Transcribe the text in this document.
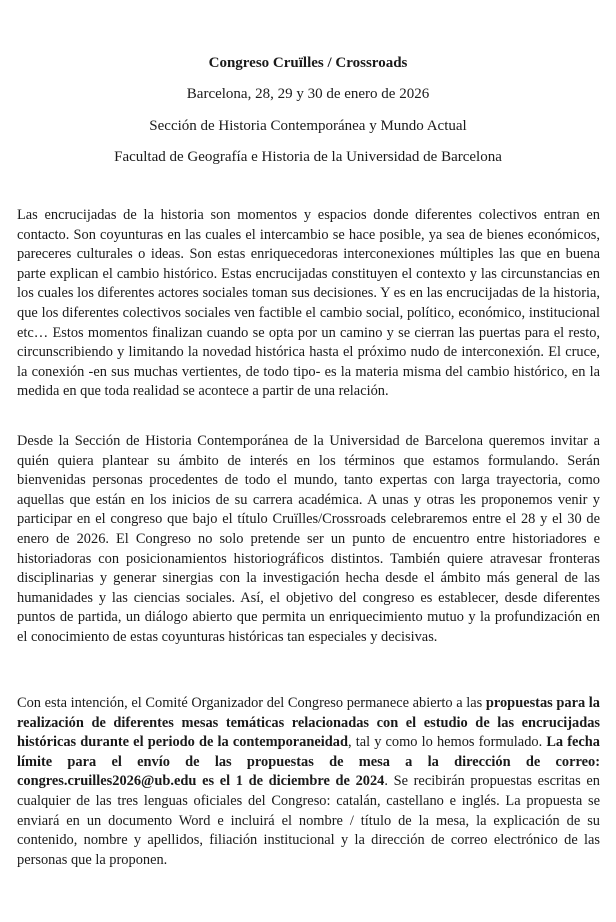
Congreso Cruïlles / Crossroads
Barcelona, 28, 29 y 30 de enero de 2026
Sección de Historia Contemporánea y Mundo Actual
Facultad de Geografía e Historia de la Universidad de Barcelona

Las encrucijadas de la historia son momentos y espacios donde diferentes colectivos entran en contacto. Son coyunturas en las cuales el intercambio se hace posible, ya sea de bienes económicos, pareceres culturales o ideas. Son estas enriquecedoras interconexiones múltiples las que en buena parte explican el cambio histórico. Estas encrucijadas constituyen el contexto y las circunstancias en los cuales los diferentes actores sociales toman sus decisiones. Y es en las encrucijadas de la historia, que los diferentes colectivos sociales ven factible el cambio social, político, económico, institucional etc… Estos momentos finalizan cuando se opta por un camino y se cierran las puertas para el resto, circunscribiendo y limitando la novedad histórica hasta el próximo nudo de interconexión. El cruce, la conexión -en sus muchas vertientes, de todo tipo- es la materia misma del cambio histórico, en la medida en que toda realidad se acontece a partir de una relación.

Desde la Sección de Historia Contemporánea de la Universidad de Barcelona queremos invitar a quién quiera plantear su ámbito de interés en los términos que estamos formulando. Serán bienvenidas personas procedentes de todo el mundo, tanto expertas con larga trayectoria, como aquellas que están en los inicios de su carrera académica. A unas y otras les proponemos venir y participar en el congreso que bajo el título Cruïlles/Crossroads celebraremos entre el 28 y el 30 de enero de 2026. El Congreso no solo pretende ser un punto de encuentro entre historiadores e historiadoras con posicionamientos historiográficos distintos. También quiere atravesar fronteras disciplinarias y generar sinergias con la investigación hecha desde el ámbito más general de las humanidades y las ciencias sociales. Así, el objetivo del congreso es establecer, desde diferentes puntos de partida, un diálogo abierto que permita un enriquecimiento mutuo y la profundización en el conocimiento de estas coyunturas históricas tan especiales y decisivas.

Con esta intención, el Comité Organizador del Congreso permanece abierto a las propuestas para la realización de diferentes mesas temáticas relacionadas con el estudio de las encrucijadas históricas durante el periodo de la contemporaneidad, tal y como lo hemos formulado. La fecha límite para el envío de las propuestas de mesa a la dirección de correo: congres.cruilles2026@ub.edu es el 1 de diciembre de 2024. Se recibirán propuestas escritas en cualquier de las tres lenguas oficiales del Congreso: catalán, castellano e inglés. La propuesta se enviará en un documento Word e incluirá el nombre / título de la mesa, la explicación de su contenido, nombre y apellidos, filiación institucional y la dirección de correo electrónico de las personas que la proponen.
